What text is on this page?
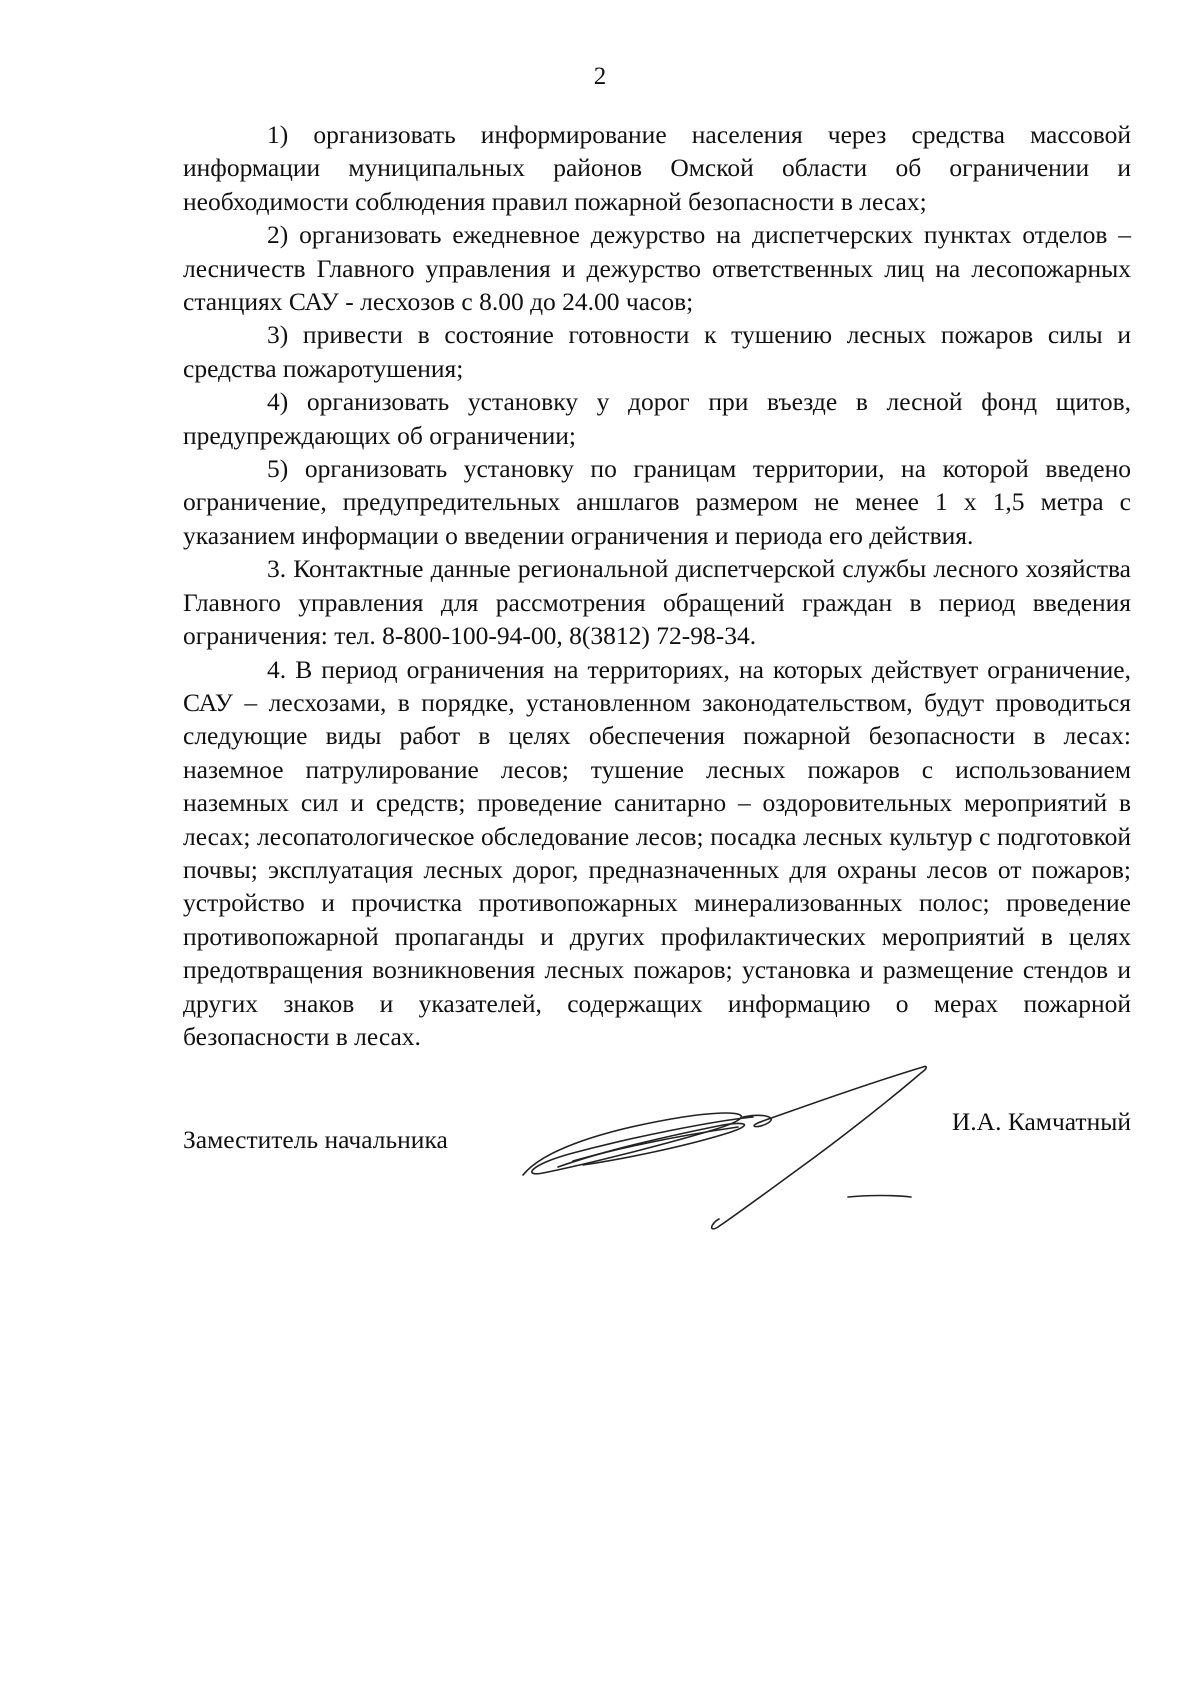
2

1) организовать информирование населения через средства массовой информации муниципальных районов Омской области об ограничении и необходимости соблюдения правил пожарной безопасности в лесах;

2) организовать ежедневное дежурство на диспетчерских пунктах отделов – лесничеств Главного управления и дежурство ответственных лиц на лесопожарных станциях САУ - лесхозов с 8.00 до 24.00 часов;

3) привести в состояние готовности к тушению лесных пожаров силы и средства пожаротушения;

4) организовать установку у дорог при въезде в лесной фонд щитов, предупреждающих об ограничении;

5) организовать установку по границам территории, на которой введено ограничение, предупредительных аншлагов размером не менее 1 х 1,5 метра с указанием информации о введении ограничения и периода его действия.

3. Контактные данные региональной диспетчерской службы лесного хозяйства Главного управления для рассмотрения обращений граждан в период введения ограничения: тел. 8-800-100-94-00, 8(3812) 72-98-34.

4. В период ограничения на территориях, на которых действует ограничение, САУ – лесхозами, в порядке, установленном законодательством, будут проводиться следующие виды работ в целях обеспечения пожарной безопасности в лесах: наземное патрулирование лесов; тушение лесных пожаров с использованием наземных сил и средств; проведение санитарно – оздоровительных мероприятий в лесах; лесопатологическое обследование лесов; посадка лесных культур с подготовкой почвы; эксплуатация лесных дорог, предназначенных для охраны лесов от пожаров; устройство и прочистка противопожарных минерализованных полос; проведение противопожарной пропаганды и других профилактических мероприятий в целях предотвращения возникновения лесных пожаров; установка и размещение стендов и других знаков и указателей, содержащих информацию о мерах пожарной безопасности в лесах.

Заместитель начальника
И.А. Камчатный
